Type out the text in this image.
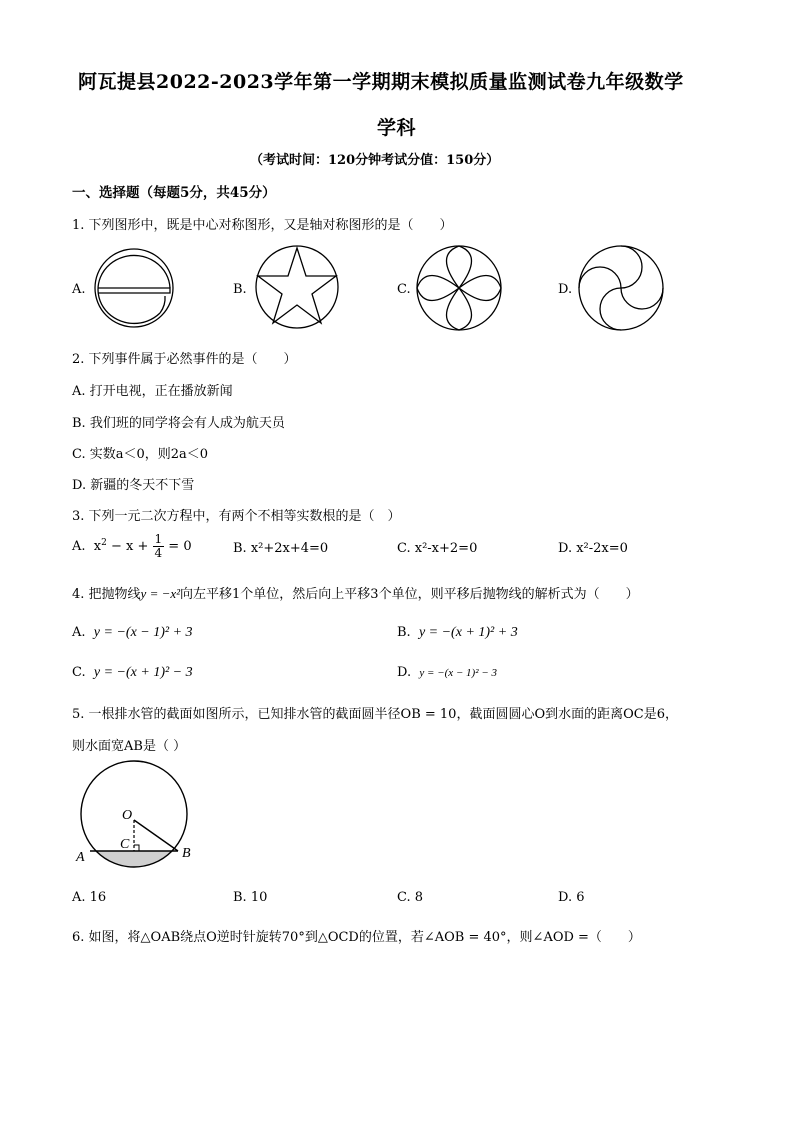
阿瓦提县2022-2023学年第一学期期末模拟质量监测试卷九年级数学
学科
（考试时间：120分钟考试分值：150分）
一、选择题（每题5分，共45分）
1. 下列图形中，既是中心对称图形，又是轴对称图形的是（　　）
A.	B.	C.	D.
2. 下列事件属于必然事件的是（　　）
A. 打开电视，正在播放新闻
B. 我们班的同学将会有人成为航天员
C. 实数a＜0，则2a＜0
D. 新疆的冬天不下雪
3. 下列一元二次方程中，有两个不相等实数根的是（　）
A. $x^2 - x + \frac{1}{4} = 0$	B. x²+2x+4=0	C. x²-x+2=0	D. x²-2x=0
4. 把抛物线y = −x²向左平移1个单位，然后向上平移3个单位，则平移后抛物线的解析式为（　　）
A. y = −(x − 1)² + 3	B. y = −(x + 1)² + 3
C. y = −(x + 1)² − 3	D. y = −(x − 1)² − 3
5. 一根排水管的截面如图所示，已知排水管的截面圆半径OB = 10，截面圆圆心O到水面的距离OC是6，
则水面宽AB是（ ）
O
C
A	B
A. 16	B. 10	C. 8	D. 6
6. 如图，将△OAB绕点O逆时针旋转70°到△OCD的位置，若∠AOB = 40°，则∠AOD =（　　）
